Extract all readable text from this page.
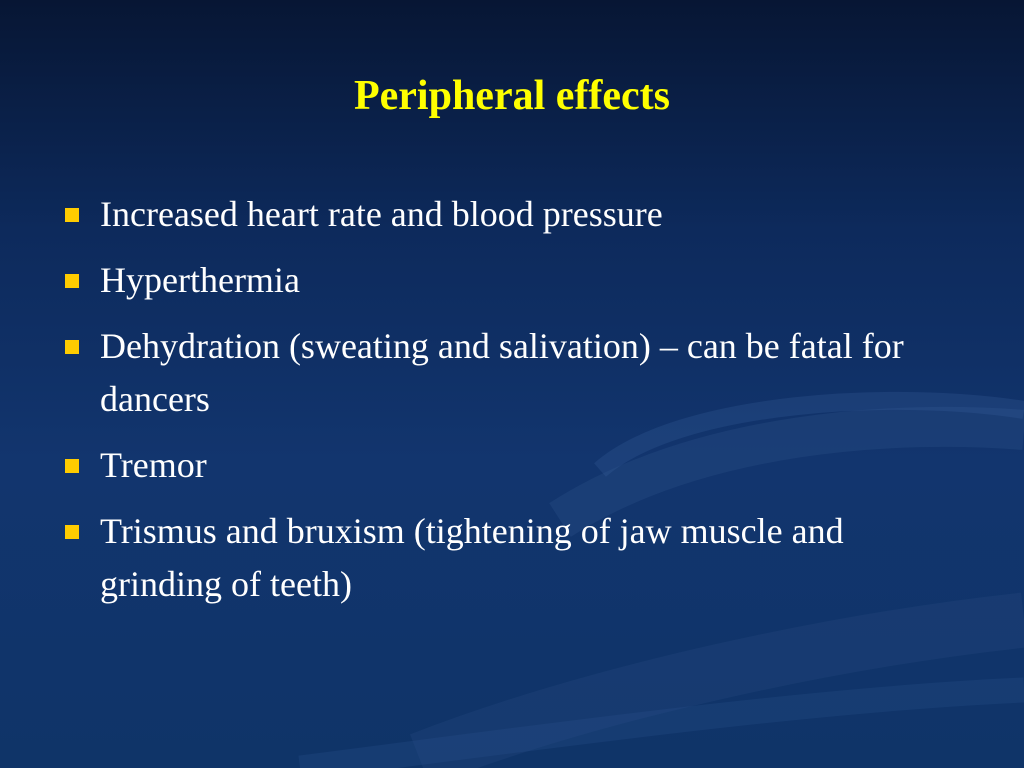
Peripheral effects
Increased heart rate and blood pressure
Hyperthermia
Dehydration (sweating and salivation) – can be fatal for dancers
Tremor
Trismus and bruxism (tightening of jaw muscle and grinding of teeth)
